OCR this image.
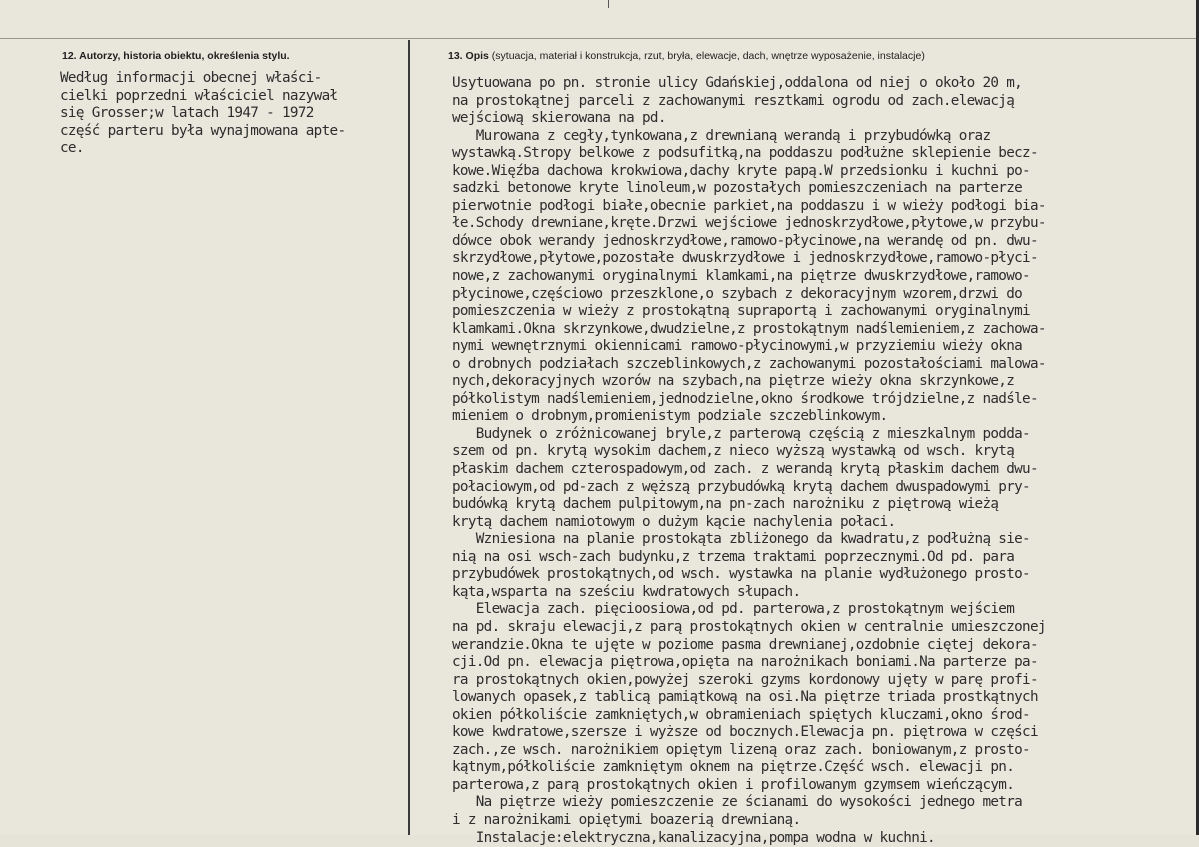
12. Autorzy, historia obiektu, określenia stylu.	13. Opis (sytuacja, materiał i konstrukcja, rzut, bryła, elewacje, dach, wnętrze wyposażenie, instalacje)
Według informacji obecnej właści-
cielki poprzedni właściciel nazywał
się Grosser;w latach 1947 - 1972
część parteru była wynajmowana apte-
ce.
Usytuowana po pn. stronie ulicy Gdańskiej,oddalona od niej o około 20 m,
na prostokątnej parceli z zachowanymi resztkami ogrodu od zach.elewacją
wejściową skierowana na pd.
Murowana z cegły,tynkowana,z drewnianą werandą i przybudówką oraz
wystawką.Stropy belkowe z podsufitką,na poddaszu podłużne sklepienie becz-
kowe.Więźba dachowa krokwiowa,dachy kryte papą.W przedsionku i kuchni po-
sadzki betonowe kryte linoleum,w pozostałych pomieszczeniach na parterze
pierwotnie podłogi białe,obecnie parkiet,na poddaszu i w wieży podłogi bia-
łe.Schody drewniane,kręte.Drzwi wejściowe jednoskrzydłowe,płytowe,w przybu-
dówce obok werandy jednoskrzydłowe,ramowo-płycinowe,na werandę od pn. dwu-
skrzydłowe,płytowe,pozostałe dwuskrzydłowe i jednoskrzydłowe,ramowo-płyci-
nowe,z zachowanymi oryginalnymi klamkami,na piętrze dwuskrzydłowe,ramowo-
płycinowe,częściowo przeszklone,o szybach z dekoracyjnym wzorem,drzwi do
pomieszczenia w wieży z prostokątną supraportą i zachowanymi oryginalnymi
klamkami.Okna skrzynkowe,dwudzielne,z prostokątnym nadślemieniem,z zachowa-
nymi wewnętrznymi okiennicami ramowo-płycinowymi,w przyziemiu wieży okna
o drobnych podziałach szczeblinkowych,z zachowanymi pozostałościami malowa-
nych,dekoracyjnych wzorów na szybach,na piętrze wieży okna skrzynkowe,z
półkolistym nadślemieniem,jednodzielne,okno środkowe trójdzielne,z nadśle-
mieniem o drobnym,promienistym podziale szczeblinkowym.
Budynek o zróżnicowanej bryle,z parterową częścią z mieszkalnym podda-
szem od pn. krytą wysokim dachem,z nieco wyższą wystawką od wsch. krytą
płaskim dachem czterospadowym,od zach. z werandą krytą płaskim dachem dwu-
połaciowym,od pd-zach z węższą przybudówką krytą dachem dwuspadowymi pry-
budówką krytą dachem pulpitowym,na pn-zach narożniku z piętrową wieżą
krytą dachem namiotowym o dużym kącie nachylenia połaci.
Wzniesiona na planie prostokąta zbliżonego da kwadratu,z podłużną sie-
nią na osi wsch-zach budynku,z trzema traktami poprzecznymi.Od pd. para
przybudówek prostokątnych,od wsch. wystawka na planie wydłużonego prosto-
kąta,wsparta na sześciu kwdratowych słupach.
Elewacja zach. pięcioosiowa,od pd. parterowa,z prostokątnym wejściem
na pd. skraju elewacji,z parą prostokątnych okien w centralnie umieszczonej
werandzie.Okna te ujęte w poziome pasma drewnianej,ozdobnie ciętej dekora-
cji.Od pn. elewacja piętrowa,opięta na narożnikach boniami.Na parterze pa-
ra prostokątnych okien,powyżej szeroki gzyms kordonowy ujęty w parę profi-
lowanych opasek,z tablicą pamiątkową na osi.Na piętrze triada prostkątnych
okien półkoliście zamkniętych,w obramieniach spiętych kluczami,okno środ-
kowe kwdratowe,szersze i wyższe od bocznych.Elewacja pn. piętrowa w części
zach.,ze wsch. narożnikiem opiętym lizeną oraz zach. boniowanym,z prosto-
kątnym,półkoliście zamkniętym oknem na piętrze.Część wsch. elewacji pn.
parterowa,z parą prostokątnych okien i profilowanym gzymsem wieńczącym.
Na piętrze wieży pomieszczenie ze ścianami do wysokości jednego metra
i z narożnikami opiętymi boazerią drewnianą.
Instalacje:elektryczna,kanalizacyjna,pompa wodna w kuchni.
